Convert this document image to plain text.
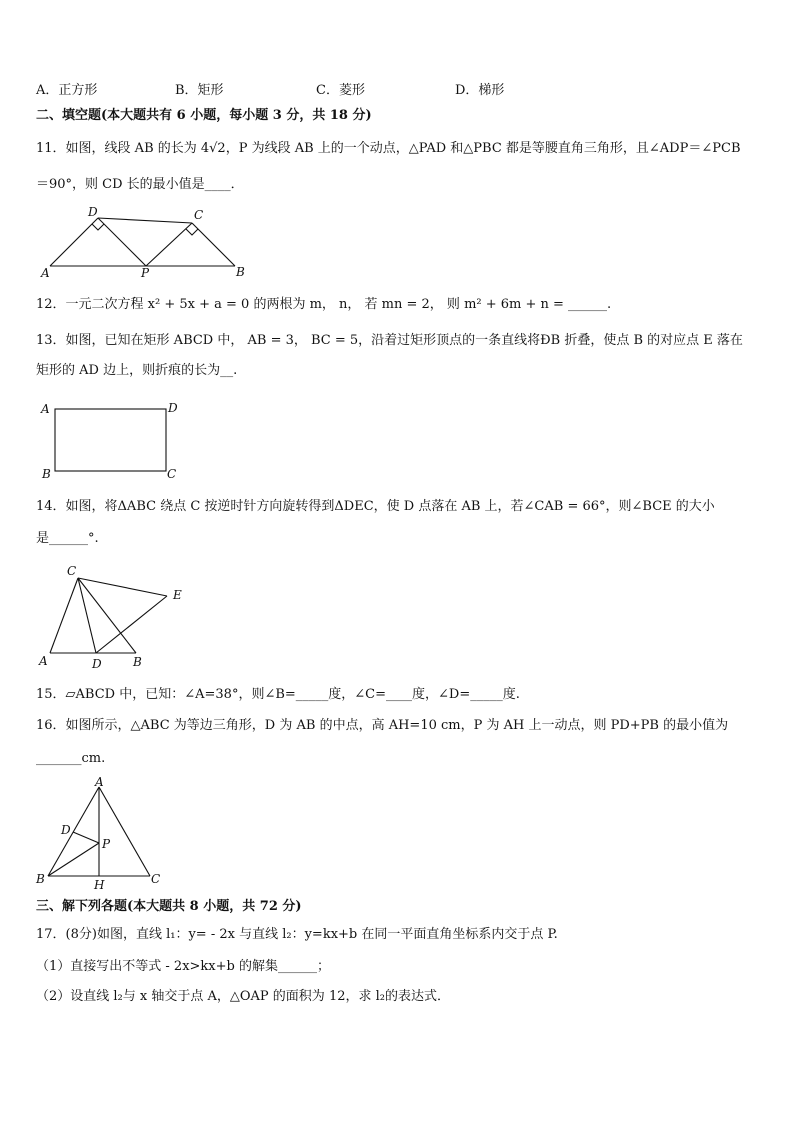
A．正方形	B．矩形	C．菱形	D．梯形
二、填空题(本大题共有 6 小题，每小题 3 分，共 18 分)
11．如图，线段 AB 的长为 4√2，P 为线段 AB 上的一个动点，△PAD 和△PBC 都是等腰直角三角形，且∠ADP＝∠PCB
＝90°，则 CD 长的最小值是____．
A
D
P
C
B
12．一元二次方程 x² + 5x + a = 0 的两根为 m， n， 若 mn = 2， 则 m² + 6m + n = ______.
13．如图，已知在矩形 ABCD 中， AB = 3， BC = 5，沿着过矩形顶点的一条直线将ÐB 折叠，使点 B 的对应点 E 落在
矩形的 AD 边上，则折痕的长为__.
A	D
B	C
14．如图，将ΔABC 绕点 C 按逆时针方向旋转得到ΔDEC，使 D 点落在 AB 上，若∠CAB = 66°，则∠BCE 的大小
是______°.
C
E
A	D	B
15．▱ABCD 中，已知：∠A=38°，则∠B=_____度，∠C=____度，∠D=_____度.
16．如图所示，△ABC 为等边三角形，D 为 AB 的中点，高 AH=10 cm，P 为 AH 上一动点，则 PD+PB 的最小值为
_______cm.
A
D
P
B	H	C
三、解下列各题(本大题共 8 小题，共 72 分)
17．(8分)如图，直线 l₁：y= - 2x 与直线 l₂：y=kx+b 在同一平面直角坐标系内交于点 P.
（1）直接写出不等式 - 2x>kx+b 的解集______；
（2）设直线 l₂与 x 轴交于点 A，△OAP 的面积为 12，求 l₂的表达式．
